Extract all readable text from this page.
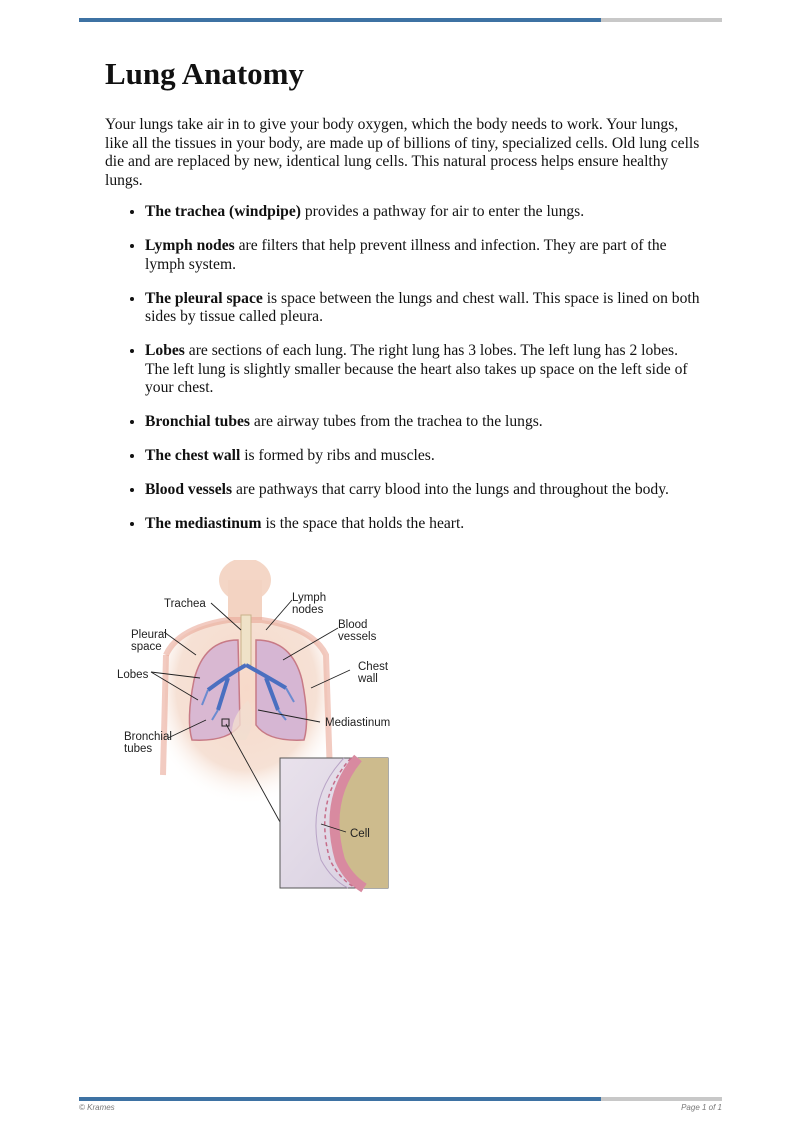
Lung Anatomy

Your lungs take air in to give your body oxygen, which the body needs to work. Your lungs, like all the tissues in your body, are made up of billions of tiny, specialized cells. Old lung cells die and are replaced by new, identical lung cells. This natural process helps ensure healthy lungs.

• The trachea (windpipe) provides a pathway for air to enter the lungs.
• Lymph nodes are filters that help prevent illness and infection. They are part of the lymph system.
• The pleural space is space between the lungs and chest wall. This space is lined on both sides by tissue called pleura.
• Lobes are sections of each lung. The right lung has 3 lobes. The left lung has 2 lobes. The left lung is slightly smaller because the heart also takes up space on the left side of your chest.
• Bronchial tubes are airway tubes from the trachea to the lungs.
• The chest wall is formed by ribs and muscles.
• Blood vessels are pathways that carry blood into the lungs and throughout the body.
• The mediastinum is the space that holds the heart.
Trachea	Lymph
nodes
Blood
vessels
Pleural
space
Chest
wall
Lobes
Mediastinum
Bronchial
tubes
Cell
© Krames	Page 1 of 1
